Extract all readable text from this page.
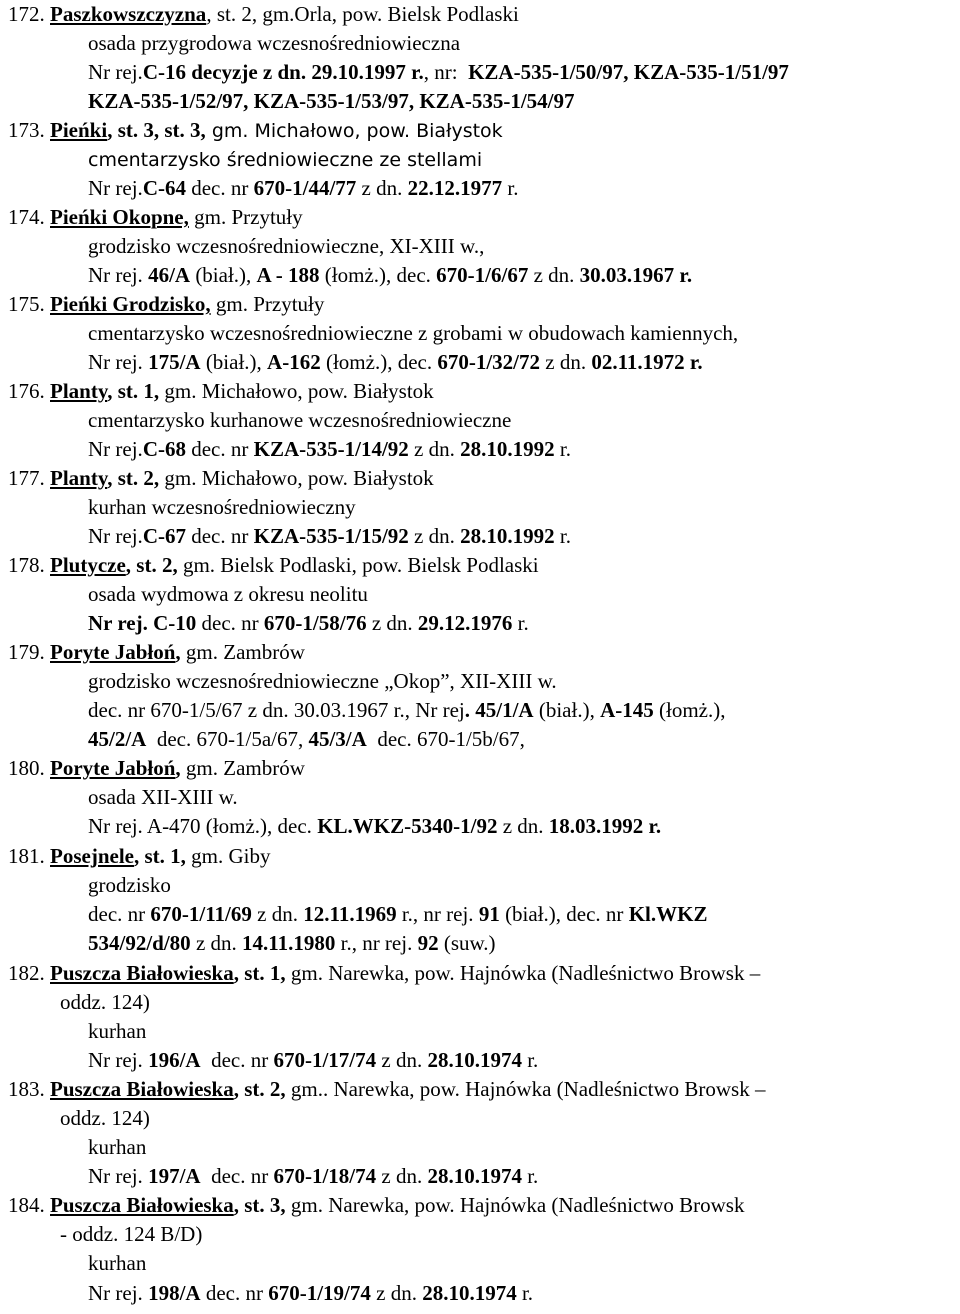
172. Paszkowszczyzna, st. 2, gm.Orla, pow. Bielsk Podlaski
osada przygrodowa wczesnośredniowieczna
Nr rej.C-16 decyzje z dn. 29.10.1997 r., nr:  KZA-535-1/50/97, KZA-535-1/51/97
KZA-535-1/52/97, KZA-535-1/53/97, KZA-535-1/54/97
173. Pieńki, st. 3, st. 3, gm. Michałowo, pow. Białystok
cmentarzysko średniowieczne ze stellami
Nr rej.C-64 dec. nr 670-1/44/77 z dn. 22.12.1977 r.
174. Pieńki Okopne, gm. Przytuły
grodzisko wczesnośredniowieczne, XI-XIII w.,
Nr rej. 46/A (biał.), A - 188 (łomż.), dec. 670-1/6/67 z dn. 30.03.1967 r.
175. Pieńki Grodzisko, gm. Przytuły
cmentarzysko wczesnośredniowieczne z grobami w obudowach kamiennych,
Nr rej. 175/A (biał.), A-162 (łomż.), dec. 670-1/32/72 z dn. 02.11.1972 r.
176. Planty, st. 1, gm. Michałowo, pow. Białystok
cmentarzysko kurhanowe wczesnośredniowieczne
Nr rej.C-68 dec. nr KZA-535-1/14/92 z dn. 28.10.1992 r.
177. Planty, st. 2, gm. Michałowo, pow. Białystok
kurhan wczesnośredniowieczny
Nr rej.C-67 dec. nr KZA-535-1/15/92 z dn. 28.10.1992 r.
178. Plutycze, st. 2, gm. Bielsk Podlaski, pow. Bielsk Podlaski
osada wydmowa z okresu neolitu
Nr rej. C-10 dec. nr 670-1/58/76 z dn. 29.12.1976 r.
179. Poryte Jabłoń, gm. Zambrów
grodzisko wczesnośredniowieczne „Okop”, XII-XIII w.
dec. nr 670-1/5/67 z dn. 30.03.1967 r., Nr rej. 45/1/A (biał.), A-145 (łomż.),
45/2/A  dec. 670-1/5a/67, 45/3/A  dec. 670-1/5b/67,
180. Poryte Jabłoń, gm. Zambrów
osada XII-XIII w.
Nr rej. A-470 (łomż.), dec. KL.WKZ-5340-1/92 z dn. 18.03.1992 r.
181. Posejnele, st. 1, gm. Giby
grodzisko
dec. nr 670-1/11/69 z dn. 12.11.1969 r., nr rej. 91 (biał.), dec. nr Kl.WKZ
534/92/d/80 z dn. 14.11.1980 r., nr rej. 92 (suw.)
182. Puszcza Białowieska, st. 1, gm. Narewka, pow. Hajnówka (Nadleśnictwo Browsk –
oddz. 124)
kurhan
Nr rej. 196/A  dec. nr 670-1/17/74 z dn. 28.10.1974 r.
183. Puszcza Białowieska, st. 2, gm.. Narewka, pow. Hajnówka (Nadleśnictwo Browsk –
oddz. 124)
kurhan
Nr rej. 197/A  dec. nr 670-1/18/74 z dn. 28.10.1974 r.
184. Puszcza Białowieska, st. 3, gm. Narewka, pow. Hajnówka (Nadleśnictwo Browsk
- oddz. 124 B/D)
kurhan
Nr rej. 198/A dec. nr 670-1/19/74 z dn. 28.10.1974 r.
